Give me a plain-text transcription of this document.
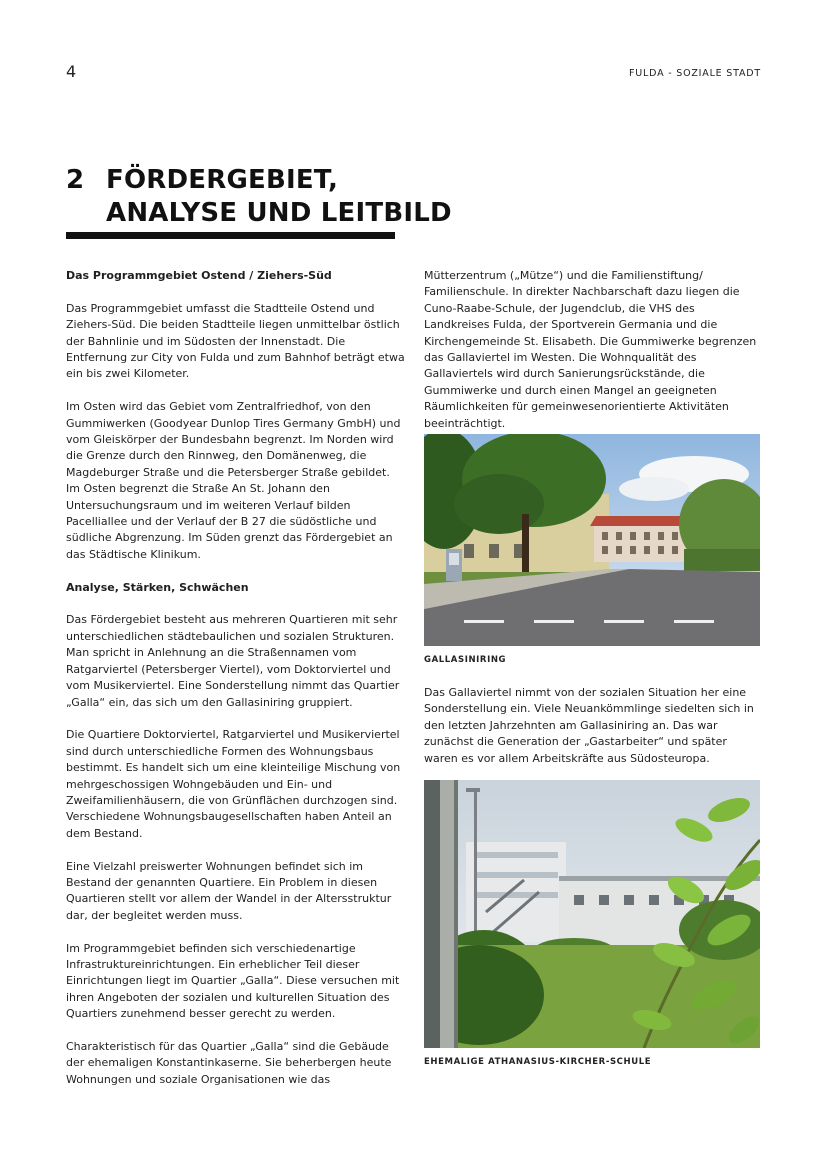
4	FULDA - SOZIALE STADT
2 FÖRDERGEBIET,
ANALYSE UND LEITBILD
Das Programmgebiet Ostend / Ziehers-Süd

Das Programmgebiet umfasst die Stadtteile Ostend und Ziehers-Süd. Die beiden Stadtteile liegen unmittelbar östlich der Bahnlinie und im Südosten der Innenstadt. Die Entfernung zur City von Fulda und zum Bahnhof beträgt etwa ein bis zwei Kilometer.

Im Osten wird das Gebiet vom Zentralfriedhof, von den Gummiwerken (Goodyear Dunlop Tires Germany GmbH) und vom Gleiskörper der Bundesbahn begrenzt. Im Norden wird die Grenze durch den Rinnweg, den Domänenweg, die Magdeburger Straße und die Petersberger Straße gebildet. Im Osten begrenzt die Straße An St. Johann den Untersuchungsraum und im weiteren Verlauf bilden Pacelliallee und der Verlauf der B 27 die südöstliche und südliche Abgrenzung. Im Süden grenzt das Fördergebiet an das Städtische Klinikum.

Analyse, Stärken, Schwächen

Das Fördergebiet besteht aus mehreren Quartieren mit sehr unterschiedlichen städtebaulichen und sozialen Strukturen. Man spricht in Anlehnung an die Straßennamen vom Ratgarviertel (Petersberger Viertel), vom Doktorviertel und vom Musikerviertel. Eine Sonderstellung nimmt das Quartier „Galla“ ein, das sich um den Gallasiniring gruppiert.

Die Quartiere Doktorviertel, Ratgarviertel und Musikerviertel sind durch unterschiedliche Formen des Wohnungsbaus bestimmt. Es handelt sich um eine kleinteilige Mischung von mehrgeschossigen Wohngebäuden und Ein- und Zweifamilienhäusern, die von Grünflächen durchzogen sind. Verschiedene Wohnungsbaugesellschaften haben Anteil an dem Bestand.

Eine Vielzahl preiswerter Wohnungen befindet sich im Bestand der genannten Quartiere. Ein Problem in diesen Quartieren stellt vor allem der Wandel in der Altersstruktur dar, der begleitet werden muss.

Im Programmgebiet befinden sich verschiedenartige Infrastruktureinrichtungen. Ein erheblicher Teil dieser Einrichtungen liegt im Quartier „Galla“. Diese versuchen mit ihren Angeboten der sozialen und kulturellen Situation des Quartiers zunehmend besser gerecht zu werden.

Charakteristisch für das Quartier „Galla“ sind die Gebäude der ehemaligen Konstantinkaserne. Sie beherbergen heute Wohnungen und soziale Organisationen wie das

Mütterzentrum („Mütze“) und die Familienstiftung/ Familienschule. In direkter Nachbarschaft dazu liegen die Cuno-Raabe-Schule, der Jugendclub, die VHS des Landkreises Fulda, der Sportverein Germania und die Kirchengemeinde St. Elisabeth. Die Gummiwerke begrenzen das Gallaviertel im Westen. Die Wohnqualität des Gallaviertels wird durch Sanierungsrückstände, die Gummiwerke und durch einen Mangel an geeigneten Räumlichkeiten für gemeinwesenorientierte Aktivitäten beeinträchtigt.

GALLASINIRING

Das Gallaviertel nimmt von der sozialen Situation her eine Sonderstellung ein. Viele Neuankömmlinge siedelten sich in den letzten Jahrzehnten am Gallasiniring an. Das war zunächst die Generation der „Gastarbeiter“ und später waren es vor allem Arbeitskräfte aus Südosteuropa.

EHEMALIGE ATHANASIUS-KIRCHER-SCHULE
